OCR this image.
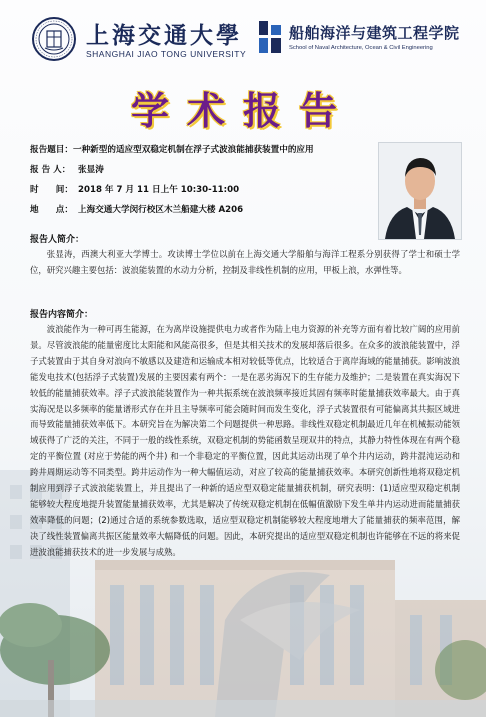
上海交通大學
SHANGHAI JIAO TONG UNIVERSITY
船舶海洋与建筑工程学院
School of Naval Architecture, Ocean & Civil Engineering
学术报告
报告题目：一种新型的适应型双稳定机制在浮子式波浪能捕获装置中的应用
报 告 人： 张显涛
时　　间： 2018 年 7 月 11 日上午 10:30-11:00
地　　点： 上海交通大学闵行校区木兰船建大楼 A206
报告人简介：
张显涛，西澳大利亚大学博士。攻读博士学位以前在上海交通大学船舶与海洋工程系分别获得了学士和硕士学位，研究兴趣主要包括：波浪能装置的水动力分析，控制及非线性机制的应用，甲板上浪，水弹性等。
报告内容简介：
波浪能作为一种可再生能源，在为离岸设施提供电力或者作为陆上电力资源的补充等方面有着比较广阔的应用前景。尽管波浪能的能量密度比太阳能和风能高很多，但是其相关技术的发展却落后很多。在众多的波浪能装置中，浮子式装置由于其自身对浪向不敏感以及建造和运输成本相对较低等优点，比较适合于离岸海域的能量捕获。影响波浪能发电技术(包括浮子式装置)发展的主要因素有两个：一是在恶劣海况下的生存能力及维护；二是装置在真实海况下较低的能量捕获效率。浮子式波浪能装置作为一种共振系统在波浪频率接近其固有频率时能量捕获效率最大。由于真实海况是以多频率的能量谱形式存在并且主导频率可能会随时间而发生变化，浮子式装置很有可能偏离其共振区域进而导致能量捕获效率低下。本研究旨在为解决第二个问题提供一种思路。非线性双稳定机制最近几年在机械振动能领域获得了广泛的关注，不同于一般的线性系统，双稳定机制的势能函数呈现双井的特点，其静力特性体现在有两个稳定的平衡位置 (对应于势能的两个井) 和一个非稳定的平衡位置，因此其运动出现了单个井内运动，跨井混沌运动和跨井周期运动等不同类型。跨井运动作为一种大幅值运动，对应了较高的能量捕获效率。本研究创新性地将双稳定机制应用到浮子式波浪能装置上，并且提出了一种新的适应型双稳定能量捕获机制，研究表明：(1)适应型双稳定机制能够较大程度地提升装置能量捕获效率，尤其是解决了传统双稳定机制在低幅值激励下发生单井内运动进而能量捕获效率降低的问题；(2)通过合适的系统参数选取，适应型双稳定机制能够较大程度地增大了能量捕获的频率范围，解决了线性装置偏离共振区能量效率大幅降低的问题。因此，本研究提出的适应型双稳定机制也许能够在不远的将来促进波浪能捕获技术的进一步发展与成熟。
